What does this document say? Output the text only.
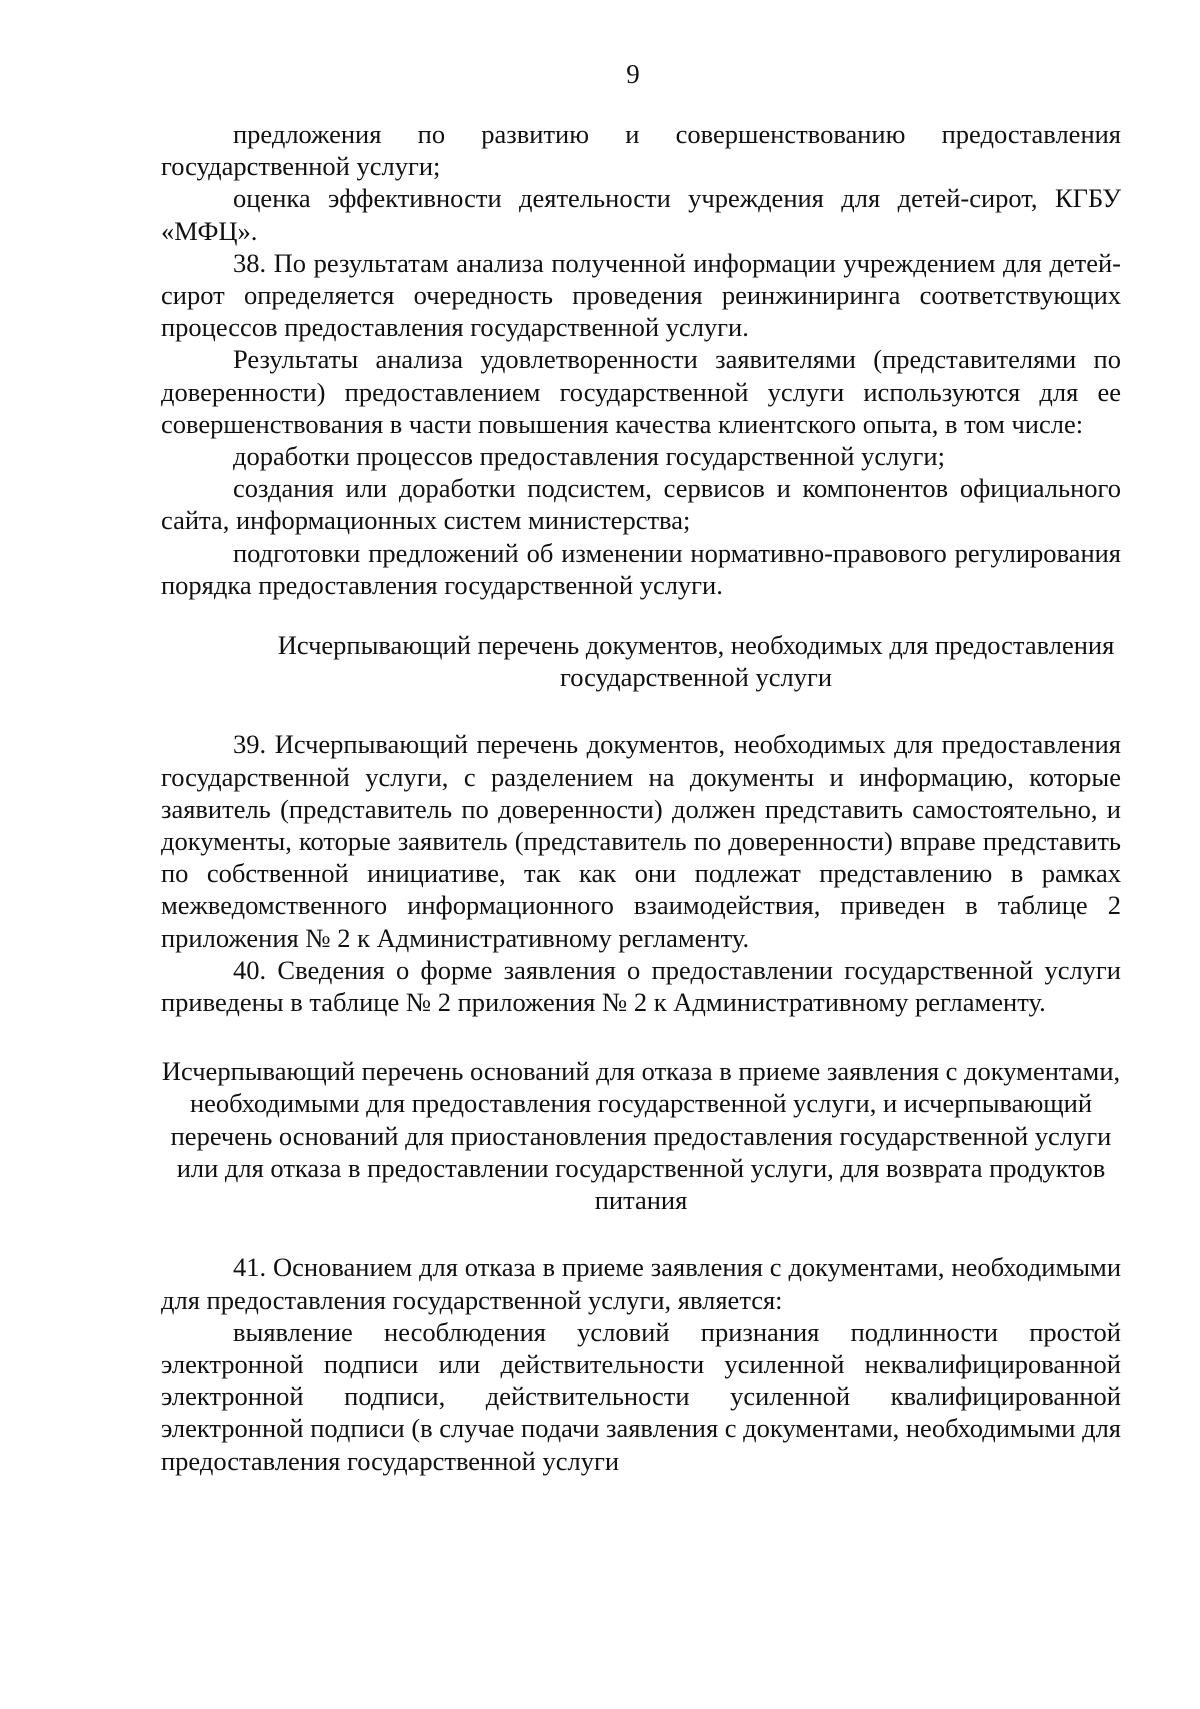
9

предложения по развитию и совершенствованию предоставления государственной услуги;

оценка эффективности деятельности учреждения для детей-сирот, КГБУ «МФЦ».

38. По результатам анализа полученной информации учреждением для детей-сирот определяется очередность проведения реинжиниринга соответствующих процессов предоставления государственной услуги.

Результаты анализа удовлетворенности заявителями (представителями по доверенности) предоставлением государственной услуги используются для ее совершенствования в части повышения качества клиентского опыта, в том числе:

доработки процессов предоставления государственной услуги;

создания или доработки подсистем, сервисов и компонентов официального сайта, информационных систем министерства;

подготовки предложений об изменении нормативно-правового регулирования порядка предоставления государственной услуги.

Исчерпывающий перечень документов, необходимых для предоставления государственной услуги

39. Исчерпывающий перечень документов, необходимых для предоставления государственной услуги, с разделением на документы и информацию, которые заявитель (представитель по доверенности) должен представить самостоятельно, и документы, которые заявитель (представитель по доверенности) вправе представить по собственной инициативе, так как они подлежат представлению в рамках межведомственного информационного взаимодействия, приведен в таблице 2 приложения № 2 к Административному регламенту.

40. Сведения о форме заявления о предоставлении государственной услуги приведены в таблице № 2 приложения № 2 к Административному регламенту.

Исчерпывающий перечень оснований для отказа в приеме заявления с документами, необходимыми для предоставления государственной услуги, и исчерпывающий перечень оснований для приостановления предоставления государственной услуги или для отказа в предоставлении государственной услуги, для возврата продуктов питания

41. Основанием для отказа в приеме заявления с документами, необходимыми для предоставления государственной услуги, является:

выявление несоблюдения условий признания подлинности простой электронной подписи или действительности усиленной неквалифицированной электронной подписи, действительности усиленной квалифицированной электронной подписи (в случае подачи заявления с документами, необходимыми для предоставления государственной услуги
